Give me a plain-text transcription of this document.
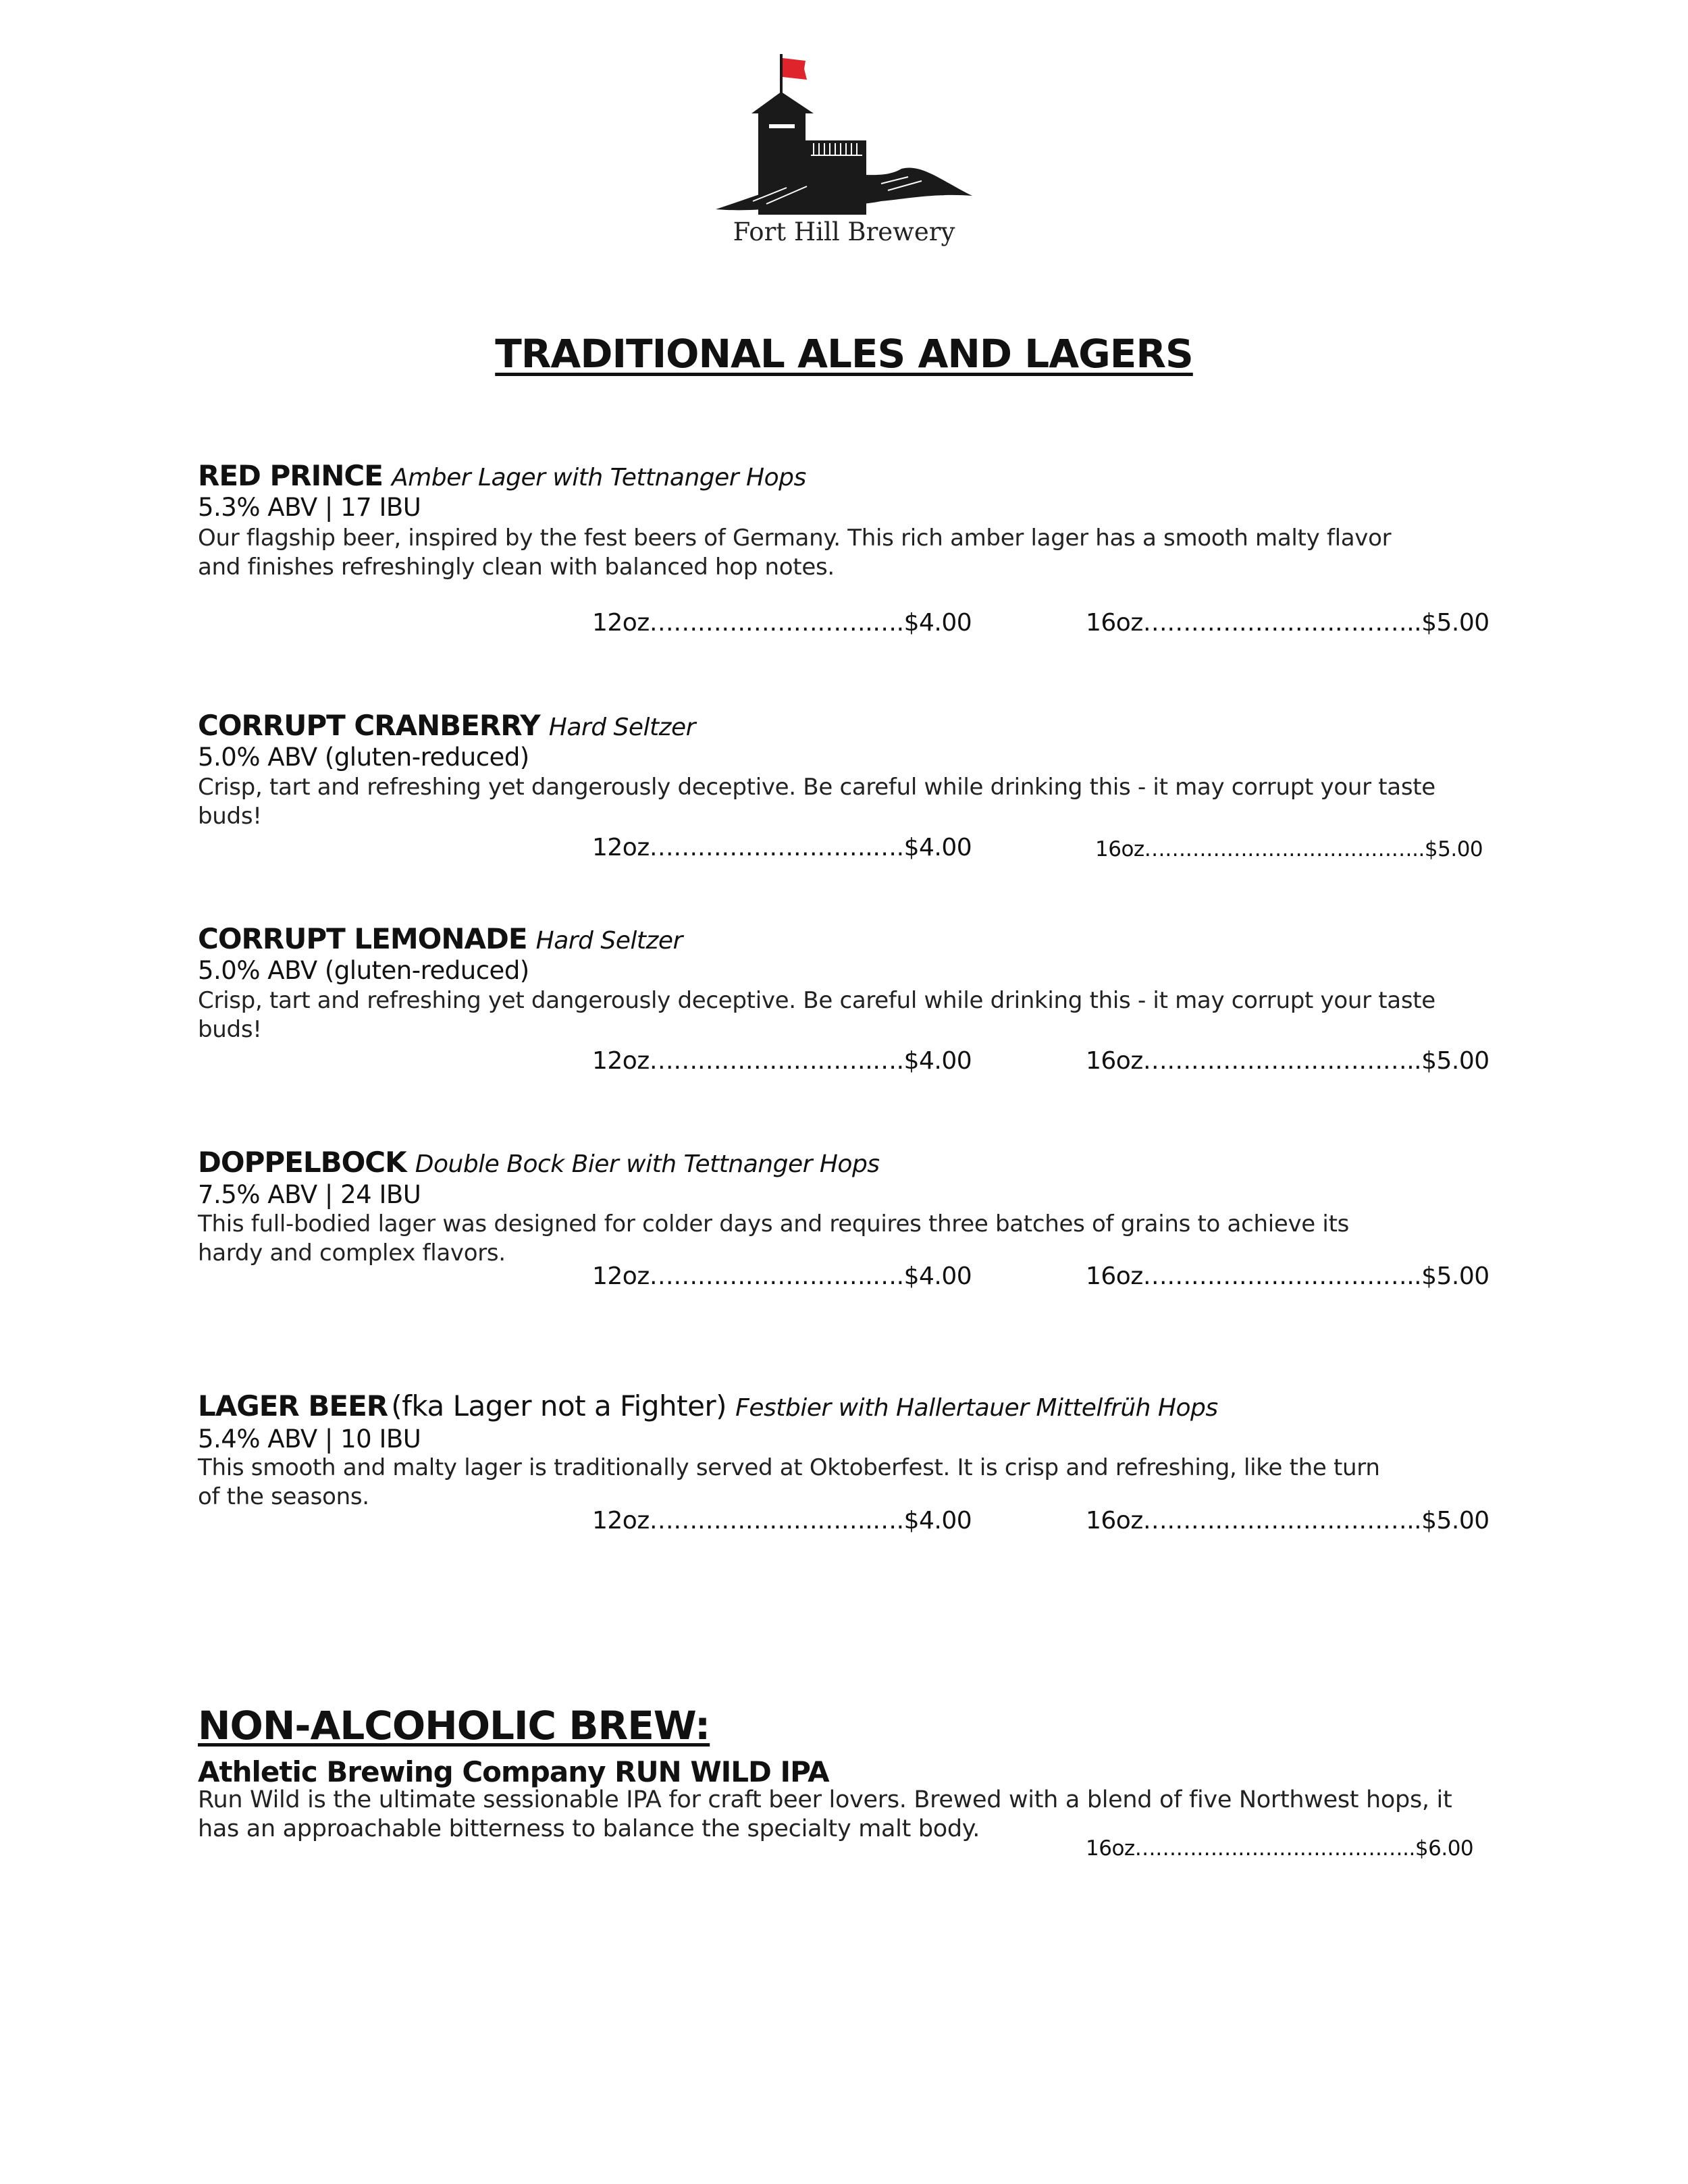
Fort Hill Brewery
TRADITIONAL ALES AND LAGERS
RED PRINCE Amber Lager with Tettnanger Hops
5.3% ABV | 17 IBU
Our flagship beer, inspired by the fest beers of Germany. This rich amber lager has a smooth malty flavor and finishes refreshingly clean with balanced hop notes.
12oz……………………….….$4.00	16oz……………………………..$5.00
CORRUPT CRANBERRY Hard Seltzer
5.0% ABV (gluten-reduced)
Crisp, tart and refreshing yet dangerously deceptive. Be careful while drinking this - it may corrupt your taste buds!
12oz……………………….….$4.00	16oz…………………………………..$5.00
CORRUPT LEMONADE Hard Seltzer
5.0% ABV (gluten-reduced)
Crisp, tart and refreshing yet dangerously deceptive. Be careful while drinking this - it may corrupt your taste buds!
12oz……………………….….$4.00	16oz……………………………..$5.00
DOPPELBOCK Double Bock Bier with Tettnanger Hops
7.5% ABV | 24 IBU
This full-bodied lager was designed for colder days and requires three batches of grains to achieve its hardy and complex flavors.
12oz……………………….….$4.00	16oz……………………………..$5.00
LAGER BEER (fka Lager not a Fighter) Festbier with Hallertauer Mittelfrüh Hops
5.4% ABV | 10 IBU
This smooth and malty lager is traditionally served at Oktoberfest. It is crisp and refreshing, like the turn of the seasons.
12oz……………………….….$4.00	16oz……………………………..$5.00
NON-ALCOHOLIC BREW:
Athletic Brewing Company RUN WILD IPA
Run Wild is the ultimate sessionable IPA for craft beer lovers. Brewed with a blend of five Northwest hops, it has an approachable bitterness to balance the specialty malt body.
16oz…………………………………..$6.00
